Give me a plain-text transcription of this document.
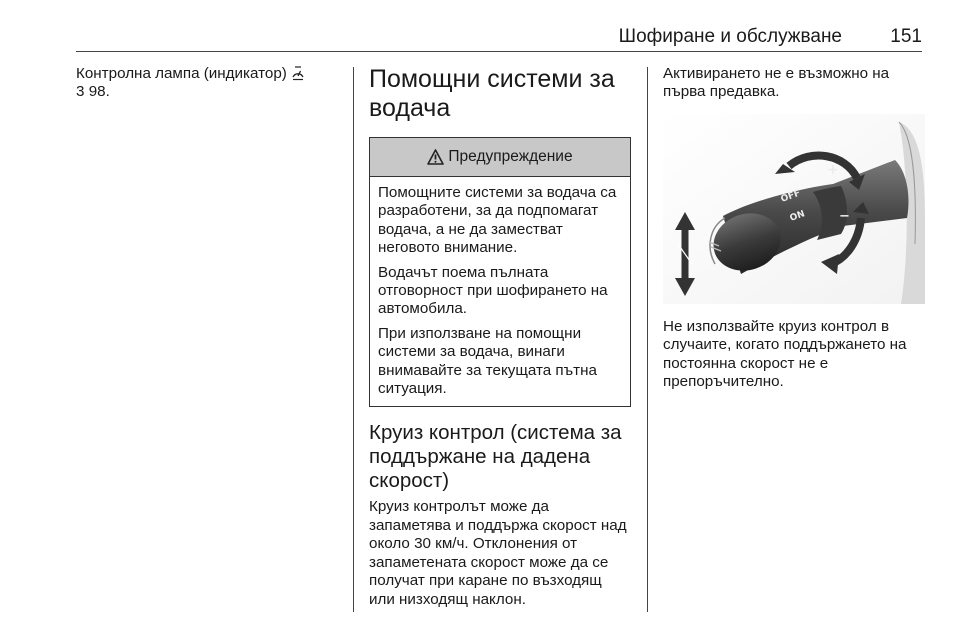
Шофиране и обслужване	151

Контролна лампа (индикатор)

3 98.	Помощни системи за водача
Предупреждение

Помощните системи за водача са разработени, за да подпомагат водача, а не да заместват неговото внимание.

Водачът поема пълната отговорност при шофирането на автомобила.

При използване на помощни системи за водача, винаги внимавайте за текущата пътна ситуация.

Круиз контрол (система за поддържане на дадена скорост)

Круиз контролът може да запаметява и поддържа скорост над около 30 км/ч. Отклонения от запаметената скорост може да се получат при каране по възходящ или низходящ наклон.

Активирането не е възможно на първа предавка.

OFF
ON
+
−

Не използвайте круиз контрол в случаите, когато поддържането на постоянна скорост не е препоръчително.
